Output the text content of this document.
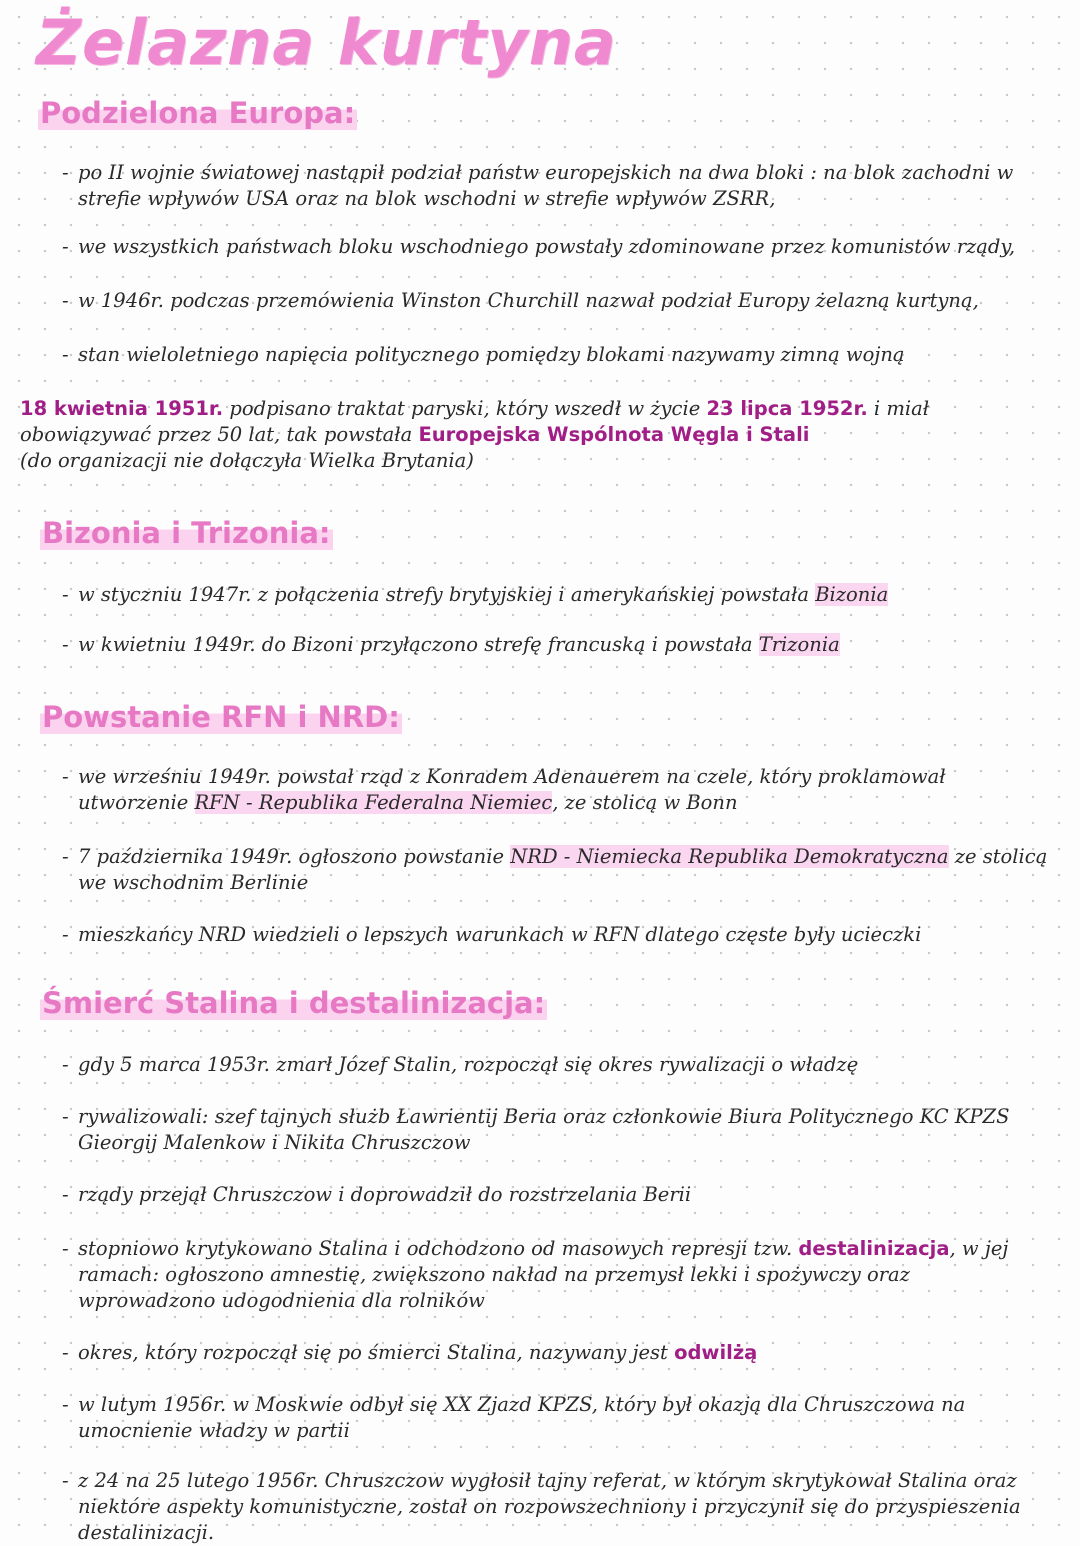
Żelazna kurtyna
Podzielona Europa:
- po II wojnie światowej nastąpił podział państw europejskich na dwa bloki : na blok zachodni w strefie wpływów USA oraz na blok wschodni w strefie wpływów ZSRR,
- we wszystkich państwach bloku wschodniego powstały zdominowane przez komunistów rządy,
- w 1946r. podczas przemówienia Winston Churchill nazwał podział Europy żelazną kurtyną,
- stan wieloletniego napięcia politycznego pomiędzy blokami nazywamy zimną wojną
18 kwietnia 1951r. podpisano traktat paryski, który wszedł w życie 23 lipca 1952r. i miał obowiązywać przez 50 lat, tak powstała Europejska Wspólnota Węgla i Stali
(do organizacji nie dołączyła Wielka Brytania)
Bizonia i Trizonia:
- w styczniu 1947r. z połączenia strefy brytyjskiej i amerykańskiej powstała Bizonia
- w kwietniu 1949r. do Bizoni przyłączono strefę francuską i powstała Trizonia
Powstanie RFN i NRD:
- we wrześniu 1949r. powstał rząd z Konradem Adenauerem na czele, który proklamował utworzenie RFN - Republika Federalna Niemiec, ze stolicą w Bonn
- 7 października 1949r. ogłoszono powstanie NRD - Niemiecka Republika Demokratyczna ze stolicą we wschodnim Berlinie
- mieszkańcy NRD wiedzieli o lepszych warunkach w RFN dlatego częste były ucieczki
Śmierć Stalina i destalinizacja:
- gdy 5 marca 1953r. zmarł Józef Stalin, rozpoczął się okres rywalizacji o władzę
- rywalizowali: szef tajnych służb Ławrientij Beria oraz członkowie Biura Politycznego KC KPZS Gieorgij Malenkow i Nikita Chruszczow
- rządy przejął Chruszczow i doprowadził do rozstrzelania Berii
- stopniowo krytykowano Stalina i odchodzono od masowych represji tzw. destalinizacja, w jej ramach: ogłoszono amnestię, zwiększono nakład na przemysł lekki i spożywczy oraz wprowadzono udogodnienia dla rolników
- okres, który rozpoczął się po śmierci Stalina, nazywany jest odwilżą
- w lutym 1956r. w Moskwie odbył się XX Zjazd KPZS, który był okazją dla Chruszczowa na umocnienie władzy w partii
- z 24 na 25 lutego 1956r. Chruszczow wygłosił tajny referat, w którym skrytykował Stalina oraz niektóre aspekty komunistyczne, został on rozpowszechniony i przyczynił się do przyspieszenia destalinizacji.
